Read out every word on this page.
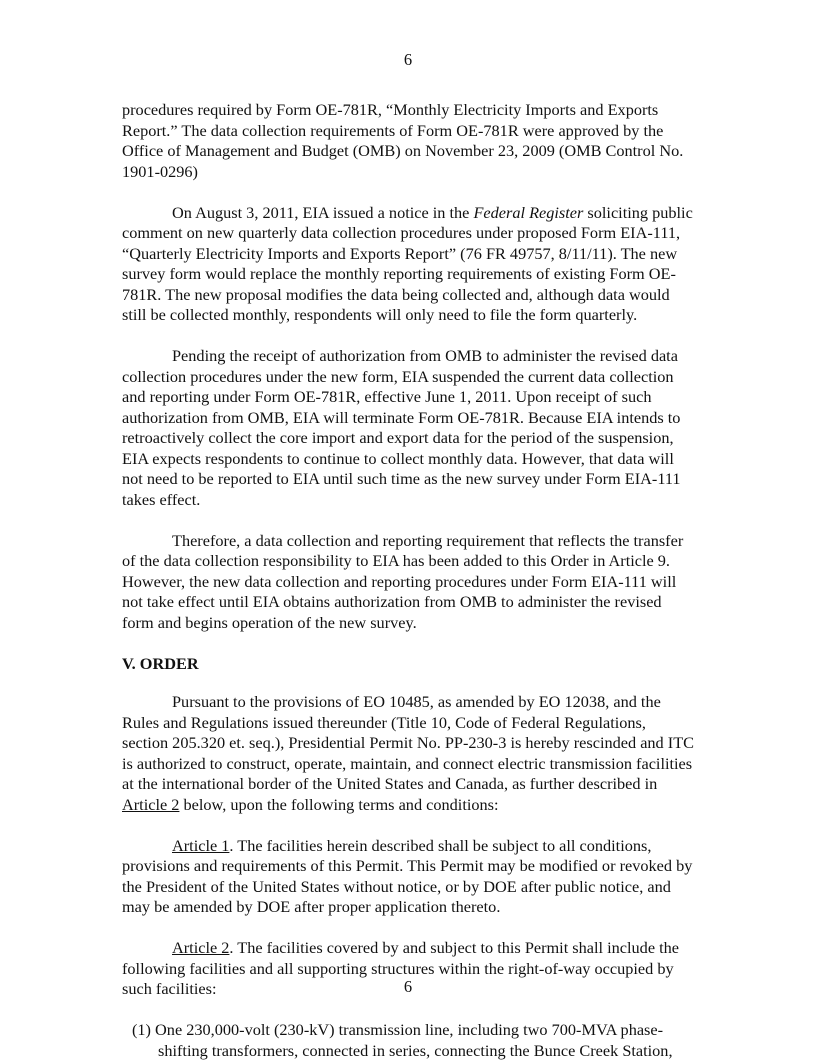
6

procedures required by Form OE-781R, “Monthly Electricity Imports and Exports Report.” The data collection requirements of Form OE-781R were approved by the Office of Management and Budget (OMB) on November 23, 2009 (OMB Control No. 1901-0296)

On August 3, 2011, EIA issued a notice in the Federal Register soliciting public comment on new quarterly data collection procedures under proposed Form EIA-111, “Quarterly Electricity Imports and Exports Report” (76 FR 49757, 8/11/11). The new survey form would replace the monthly reporting requirements of existing Form OE-781R. The new proposal modifies the data being collected and, although data would still be collected monthly, respondents will only need to file the form quarterly.

Pending the receipt of authorization from OMB to administer the revised data collection procedures under the new form, EIA suspended the current data collection and reporting under Form OE-781R, effective June 1, 2011. Upon receipt of such authorization from OMB, EIA will terminate Form OE-781R. Because EIA intends to retroactively collect the core import and export data for the period of the suspension, EIA expects respondents to continue to collect monthly data. However, that data will not need to be reported to EIA until such time as the new survey under Form EIA-111 takes effect.

Therefore, a data collection and reporting requirement that reflects the transfer of the data collection responsibility to EIA has been added to this Order in Article 9. However, the new data collection and reporting procedures under Form EIA-111 will not take effect until EIA obtains authorization from OMB to administer the revised form and begins operation of the new survey.

V. ORDER

Pursuant to the provisions of EO 10485, as amended by EO 12038, and the Rules and Regulations issued thereunder (Title 10, Code of Federal Regulations, section 205.320 et. seq.), Presidential Permit No. PP-230-3 is hereby rescinded and ITC is authorized to construct, operate, maintain, and connect electric transmission facilities at the international border of the United States and Canada, as further described in Article 2 below, upon the following terms and conditions:

Article 1. The facilities herein described shall be subject to all conditions, provisions and requirements of this Permit. This Permit may be modified or revoked by the President of the United States without notice, or by DOE after public notice, and may be amended by DOE after proper application thereto.

Article 2. The facilities covered by and subject to this Permit shall include the following facilities and all supporting structures within the right-of-way occupied by such facilities:

(1) One 230,000-volt (230-kV) transmission line, including two 700-MVA phase-shifting transformers, connected in series, connecting the Bunce Creek Station,

6
